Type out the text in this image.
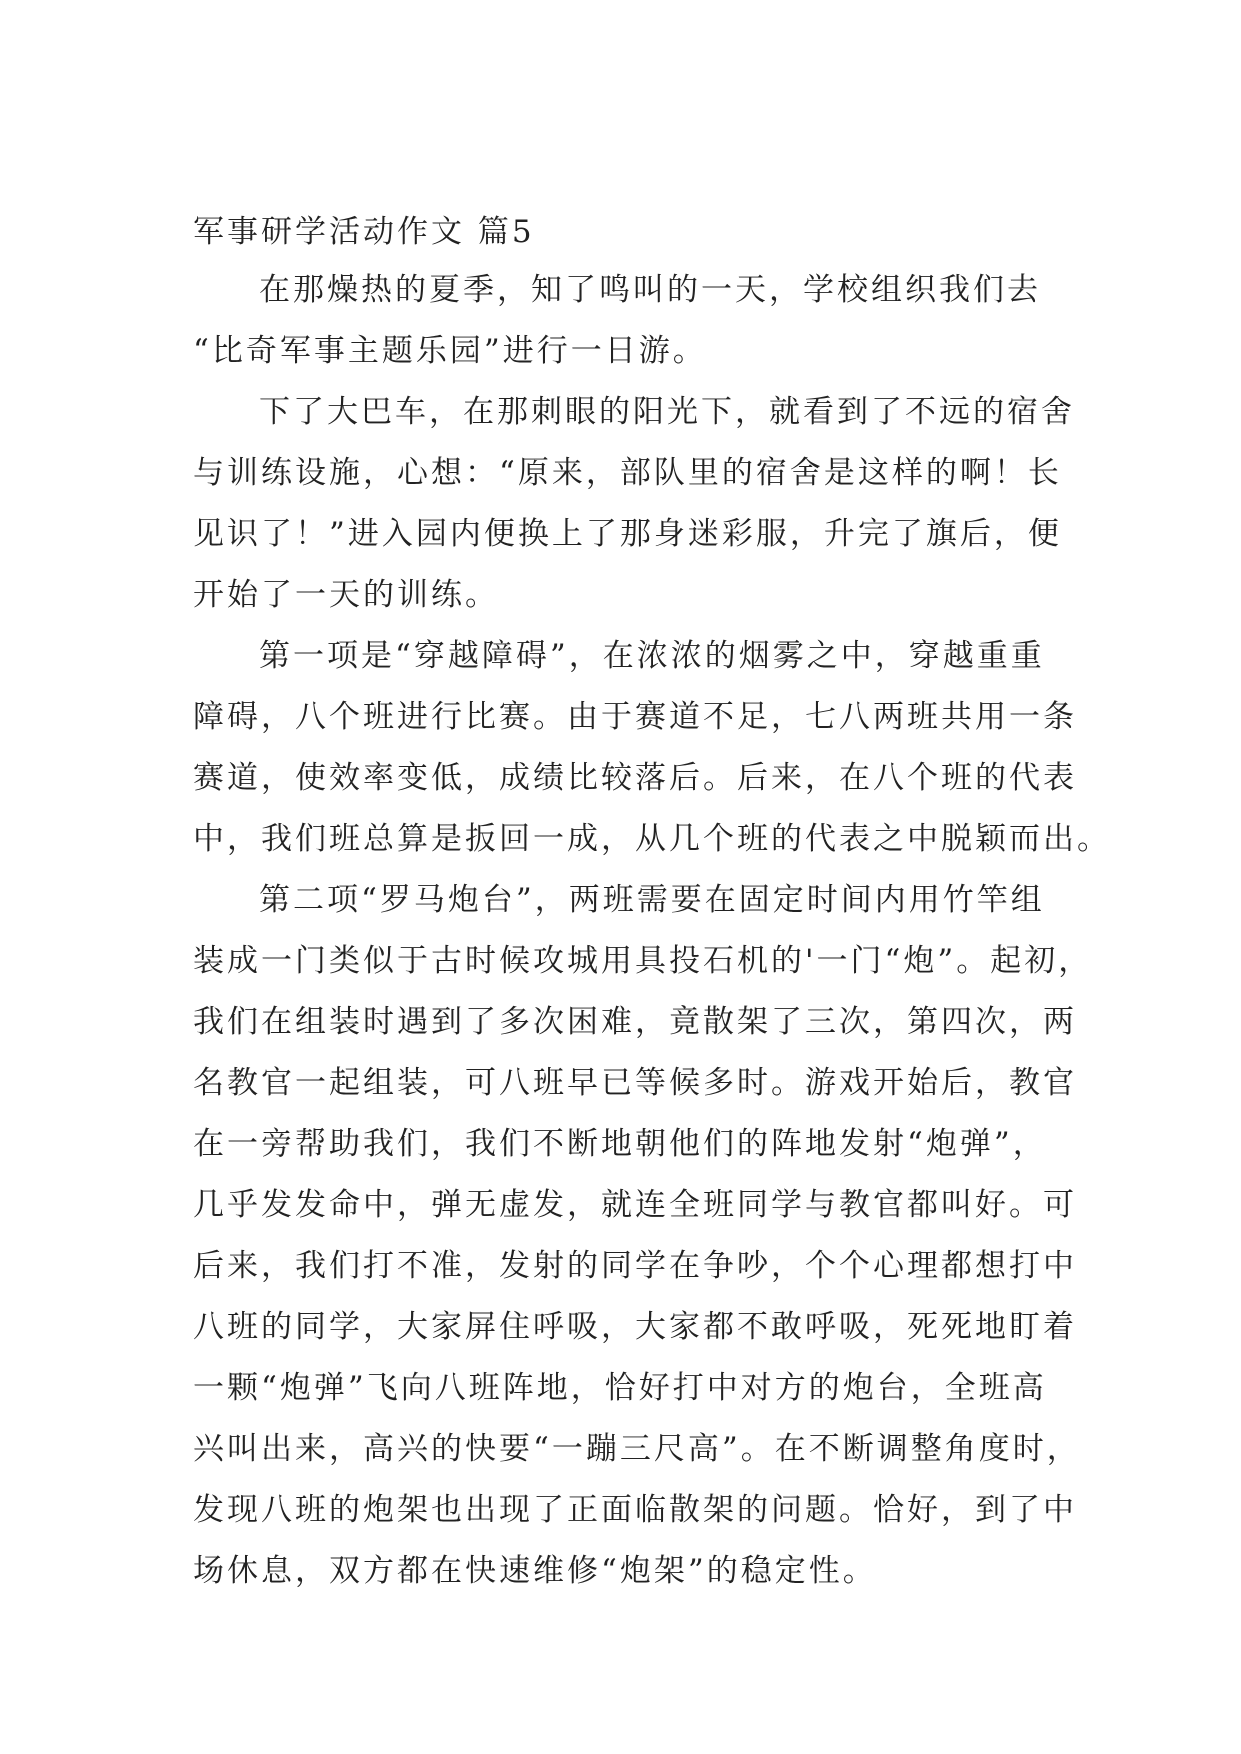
军事研学活动作文 篇5
在那燥热的夏季，知了鸣叫的一天，学校组织我们去
“比奇军事主题乐园”进行一日游。
下了大巴车，在那刺眼的阳光下，就看到了不远的宿舍
与训练设施，心想：“原来，部队里的宿舍是这样的啊！长
见识了！”进入园内便换上了那身迷彩服，升完了旗后，便
开始了一天的训练。
第一项是“穿越障碍”，在浓浓的烟雾之中，穿越重重
障碍，八个班进行比赛。由于赛道不足，七八两班共用一条
赛道，使效率变低，成绩比较落后。后来，在八个班的代表
中，我们班总算是扳回一成，从几个班的代表之中脱颖而出。
第二项“罗马炮台”，两班需要在固定时间内用竹竿组
装成一门类似于古时候攻城用具投石机的'一门“炮”。起初，
我们在组装时遇到了多次困难，竟散架了三次，第四次，两
名教官一起组装，可八班早已等候多时。游戏开始后，教官
在一旁帮助我们，我们不断地朝他们的阵地发射“炮弹”，
几乎发发命中，弹无虚发，就连全班同学与教官都叫好。可
后来，我们打不准，发射的同学在争吵，个个心理都想打中
八班的同学，大家屏住呼吸，大家都不敢呼吸，死死地盯着
一颗“炮弹”飞向八班阵地，恰好打中对方的炮台，全班高
兴叫出来，高兴的快要“一蹦三尺高”。在不断调整角度时，
发现八班的炮架也出现了正面临散架的问题。恰好，到了中
场休息，双方都在快速维修“炮架”的稳定性。
